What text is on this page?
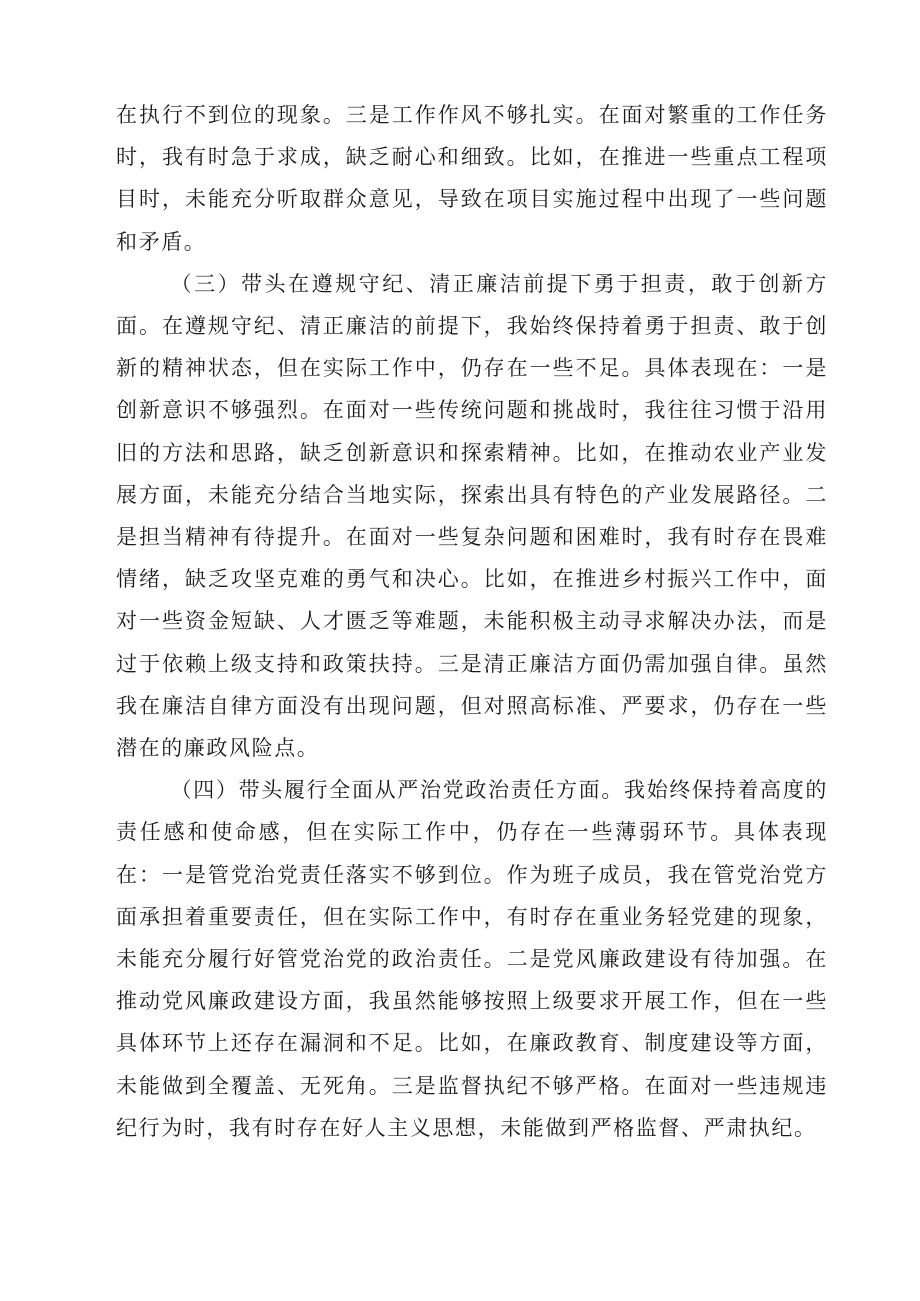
在执行不到位的现象。三是工作作风不够扎实。在面对繁重的工作任务时，我有时急于求成，缺乏耐心和细致。比如，在推进一些重点工程项目时，未能充分听取群众意见，导致在项目实施过程中出现了一些问题和矛盾。

（三）带头在遵规守纪、清正廉洁前提下勇于担责，敢于创新方面。在遵规守纪、清正廉洁的前提下，我始终保持着勇于担责、敢于创新的精神状态，但在实际工作中，仍存在一些不足。具体表现在：一是创新意识不够强烈。在面对一些传统问题和挑战时，我往往习惯于沿用旧的方法和思路，缺乏创新意识和探索精神。比如，在推动农业产业发展方面，未能充分结合当地实际，探索出具有特色的产业发展路径。二是担当精神有待提升。在面对一些复杂问题和困难时，我有时存在畏难情绪，缺乏攻坚克难的勇气和决心。比如，在推进乡村振兴工作中，面对一些资金短缺、人才匮乏等难题，未能积极主动寻求解决办法，而是过于依赖上级支持和政策扶持。三是清正廉洁方面仍需加强自律。虽然我在廉洁自律方面没有出现问题，但对照高标准、严要求，仍存在一些潜在的廉政风险点。

（四）带头履行全面从严治党政治责任方面。我始终保持着高度的责任感和使命感，但在实际工作中，仍存在一些薄弱环节。具体表现在：一是管党治党责任落实不够到位。作为班子成员，我在管党治党方面承担着重要责任，但在实际工作中，有时存在重业务轻党建的现象，未能充分履行好管党治党的政治责任。二是党风廉政建设有待加强。在推动党风廉政建设方面，我虽然能够按照上级要求开展工作，但在一些具体环节上还存在漏洞和不足。比如，在廉政教育、制度建设等方面，未能做到全覆盖、无死角。三是监督执纪不够严格。在面对一些违规违纪行为时，我有时存在好人主义思想，未能做到严格监督、严肃执纪。
